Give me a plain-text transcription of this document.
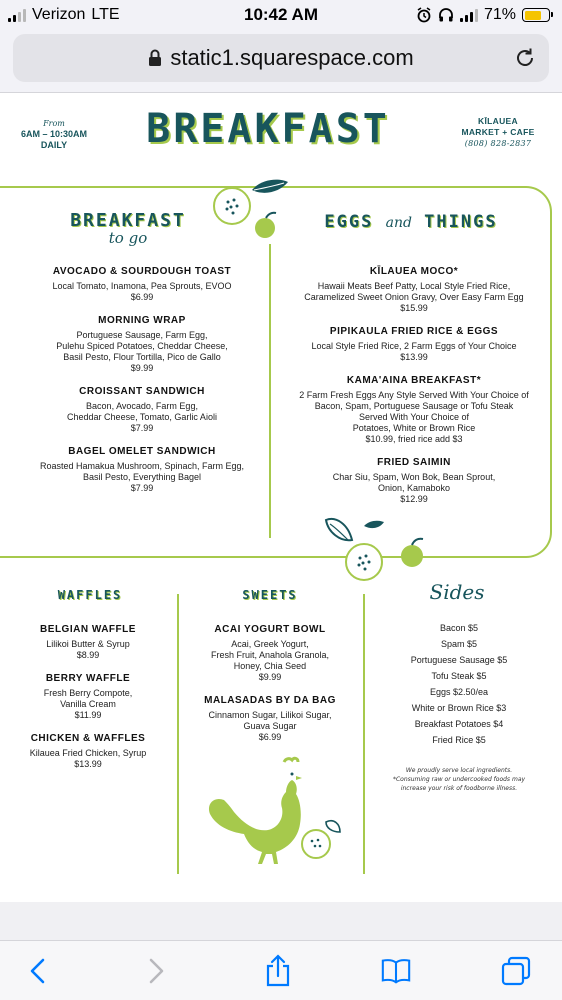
Verizon LTE	10:42 AM	71%
static1.squarespace.com
From
6AM – 10:30AM
DAILY	BREAKFAST	KĪLAUEA
MARKET + CAFE
(808) 828-2837
BREAKFAST
to go
AVOCADO & SOURDOUGH TOAST
Local Tomato, Inamona, Pea Sprouts, EVOO
$6.99
MORNING WRAP
Portuguese Sausage, Farm Egg,
Pulehu Spiced Potatoes, Cheddar Cheese,
Basil Pesto, Flour Tortilla, Pico de Gallo
$9.99
CROISSANT SANDWICH
Bacon, Avocado, Farm Egg,
Cheddar Cheese, Tomato, Garlic Aioli
$7.99
BAGEL OMELET SANDWICH
Roasted Hamakua Mushroom, Spinach, Farm Egg,
Basil Pesto, Everything Bagel
$7.99
EGGS and THINGS
KĪLAUEA MOCO*
Hawaii Meats Beef Patty, Local Style Fried Rice,
Caramelized Sweet Onion Gravy, Over Easy Farm Egg
$15.99
PIPIKAULA FRIED RICE & EGGS
Local Style Fried Rice, 2 Farm Eggs of Your Choice
$13.99
KAMA'AINA BREAKFAST*
2 Farm Fresh Eggs Any Style Served With Your Choice of
Bacon, Spam, Portuguese Sausage or Tofu Steak
Served With Your Choice of
Potatoes, White or Brown Rice
$10.99, fried rice add $3
FRIED SAIMIN
Char Siu, Spam, Won Bok, Bean Sprout,
Onion, Kamaboko
$12.99
WAFFLES
BELGIAN WAFFLE
Lilikoi Butter & Syrup
$8.99
BERRY WAFFLE
Fresh Berry Compote,
Vanilla Cream
$11.99
CHICKEN & WAFFLES
Kilauea Fried Chicken, Syrup
$13.99
SWEETS
ACAI YOGURT BOWL
Acai, Greek Yogurt,
Fresh Fruit, Anahola Granola,
Honey, Chia Seed
$9.99
MALASADAS BY DA BAG
Cinnamon Sugar, Lilikoi Sugar,
Guava Sugar
$6.99
Sides
Bacon $5
Spam $5
Portuguese Sausage $5
Tofu Steak $5
Eggs $2.50/ea
White or Brown Rice $3
Breakfast Potatoes $4
Fried Rice $5
We proudly serve local ingredients.
*Consuming raw or undercooked foods may
increase your risk of foodborne illness.
